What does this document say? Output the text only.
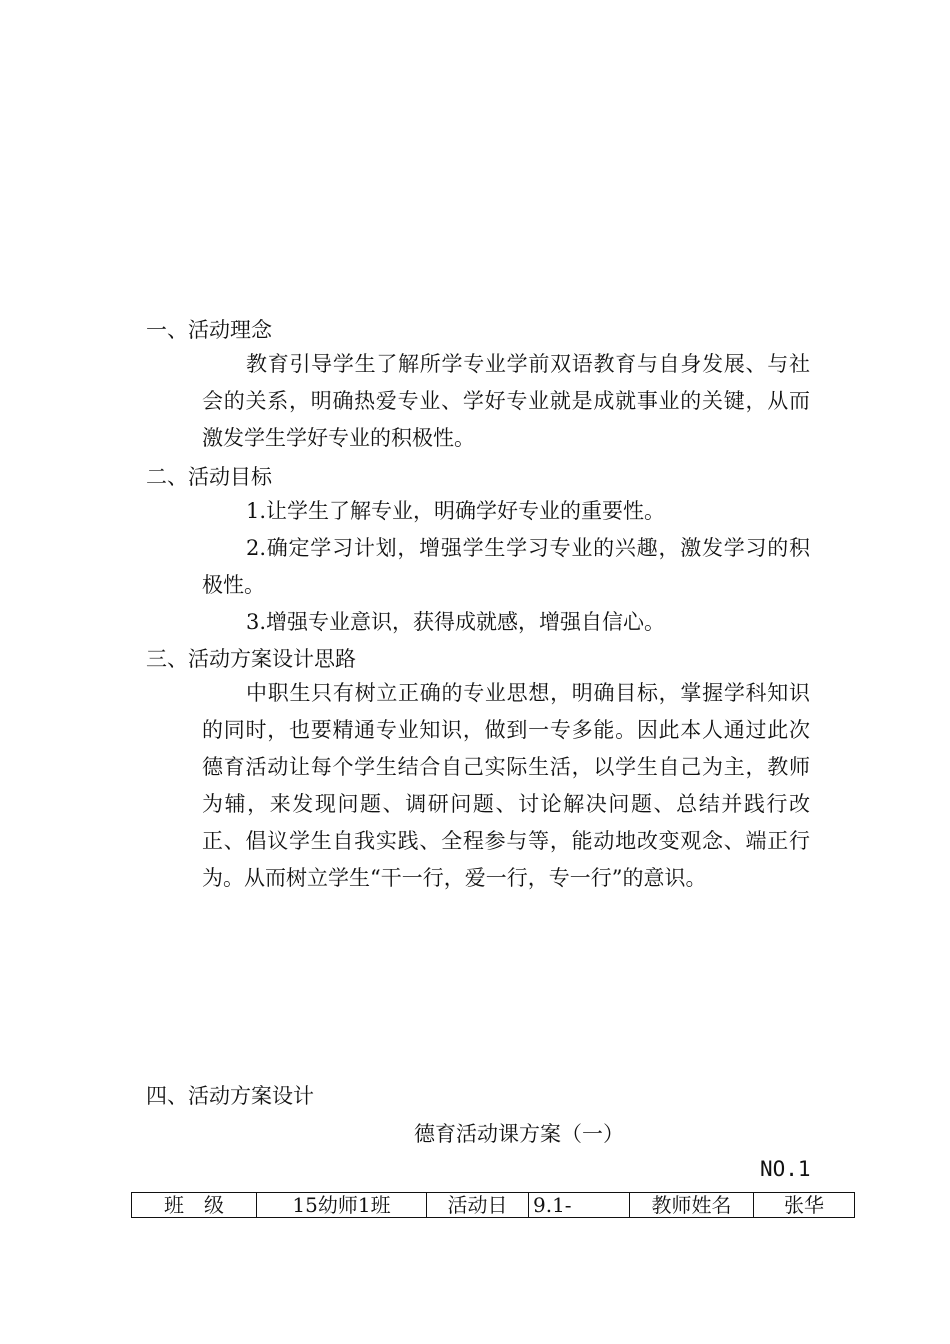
一、活动理念

教育引导学生了解所学专业学前双语教育与自身发展、与社会的关系，明确热爱专业、学好专业就是成就事业的关键，从而激发学生学好专业的积极性。

二、活动目标

1.让学生了解专业，明确学好专业的重要性。

2.确定学习计划，增强学生学习专业的兴趣，激发学习的积极性。

3.增强专业意识，获得成就感，增强自信心。

三、活动方案设计思路

中职生只有树立正确的专业思想，明确目标，掌握学科知识的同时，也要精通专业知识，做到一专多能。因此本人通过此次德育活动让每个学生结合自己实际生活，以学生自己为主，教师为辅，来发现问题、调研问题、讨论解决问题、总结并践行改正、倡议学生自我实践、全程参与等，能动地改变观念、端正行为。从而树立学生“干一行，爱一行，专一行”的意识。

四、活动方案设计
德育活动课方案（一）
NO.1
班　级	15幼师1班	活动日	9.1-	教师姓名	张华
